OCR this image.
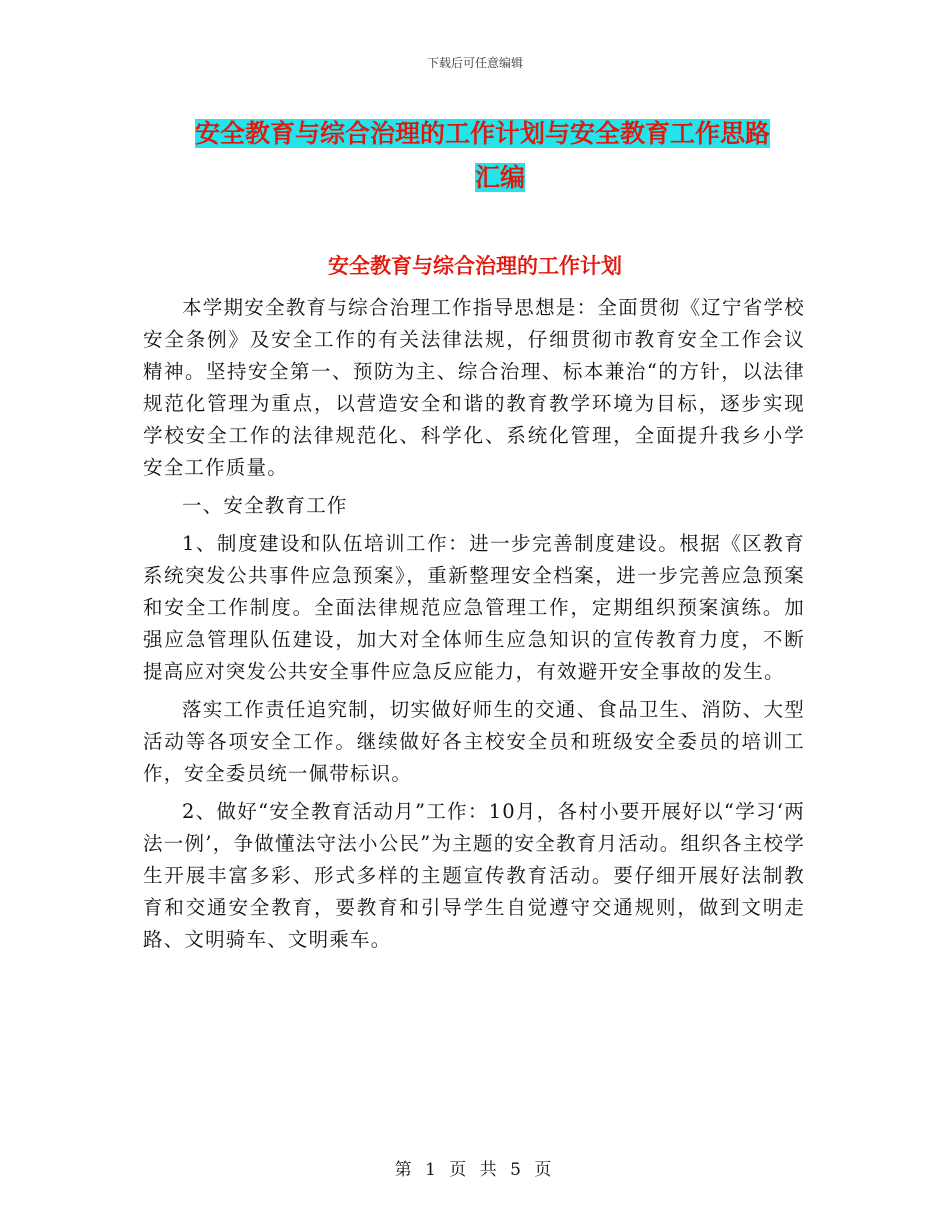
下载后可任意编辑
安全教育与综合治理的工作计划与安全教育工作思路
汇编
安全教育与综合治理的工作计划

本学期安全教育与综合治理工作指导思想是：全面贯彻《辽宁省学校安全条例》及安全工作的有关法律法规，仔细贯彻市教育安全工作会议精神。坚持安全第一、预防为主、综合治理、标本兼治“的方针，以法律规范化管理为重点，以营造安全和谐的教育教学环境为目标，逐步实现学校安全工作的法律规范化、科学化、系统化管理，全面提升我乡小学安全工作质量。

一、安全教育工作

1、制度建设和队伍培训工作：进一步完善制度建设。根据《区教育系统突发公共事件应急预案》，重新整理安全档案，进一步完善应急预案和安全工作制度。全面法律规范应急管理工作，定期组织预案演练。加强应急管理队伍建设，加大对全体师生应急知识的宣传教育力度，不断提高应对突发公共安全事件应急反应能力，有效避开安全事故的发生。

落实工作责任追究制，切实做好师生的交通、食品卫生、消防、大型活动等各项安全工作。继续做好各主校安全员和班级安全委员的培训工作，安全委员统一佩带标识。

2、做好“安全教育活动月”工作：10月，各村小要开展好以“学习‘两法一例’，争做懂法守法小公民”为主题的安全教育月活动。组织各主校学生开展丰富多彩、形式多样的主题宣传教育活动。要仔细开展好法制教育和交通安全教育，要教育和引导学生自觉遵守交通规则，做到文明走路、文明骑车、文明乘车。

第 1 页 共 5 页
